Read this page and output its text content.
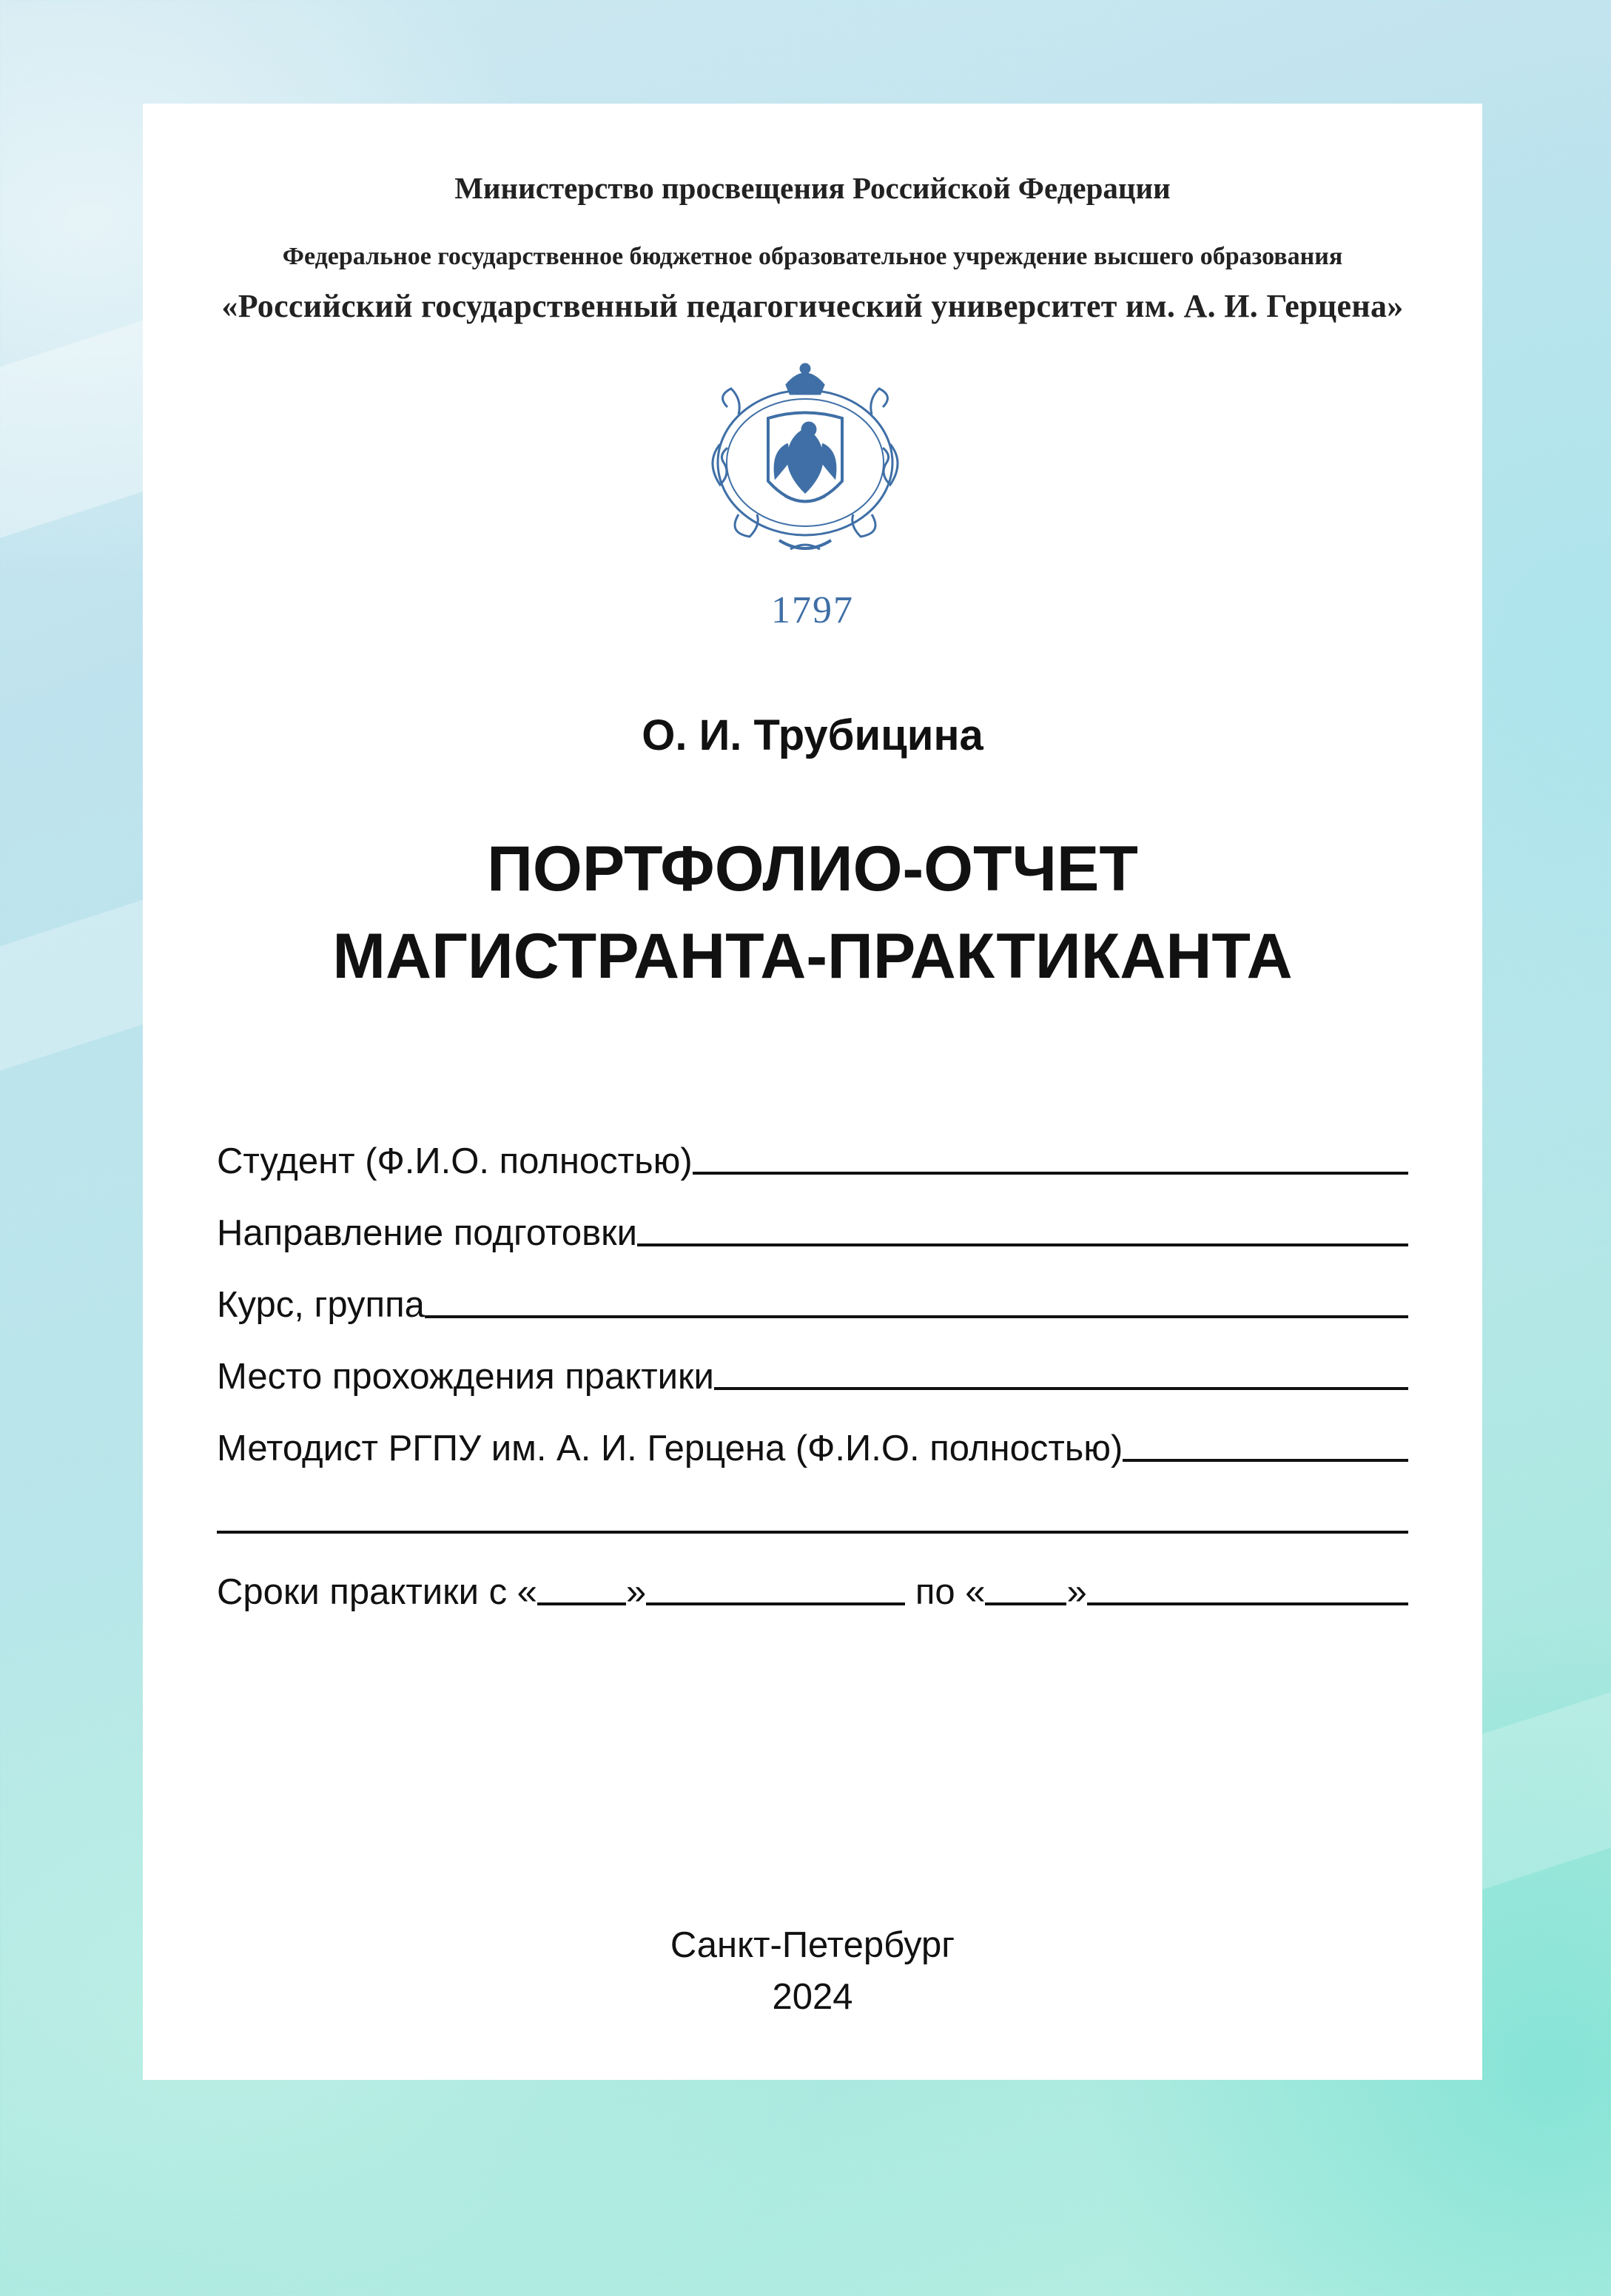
Министерство просвещения Российской Федерации
Федеральное государственное бюджетное образовательное учреждение высшего образования
«Российский государственный педагогический университет им. А. И. Герцена»
1797
О. И. Трубицина
ПОРТФОЛИО-ОТЧЕТ
МАГИСТРАНТА-ПРАКТИКАНТА
Студент (Ф.И.О. полностью)
Направление подготовки
Курс, группа
Место прохождения практики
Методист РГПУ им. А. И. Герцена (Ф.И.О. полностью)
Сроки практики с « »	по « »
Санкт-Петербург
2024
